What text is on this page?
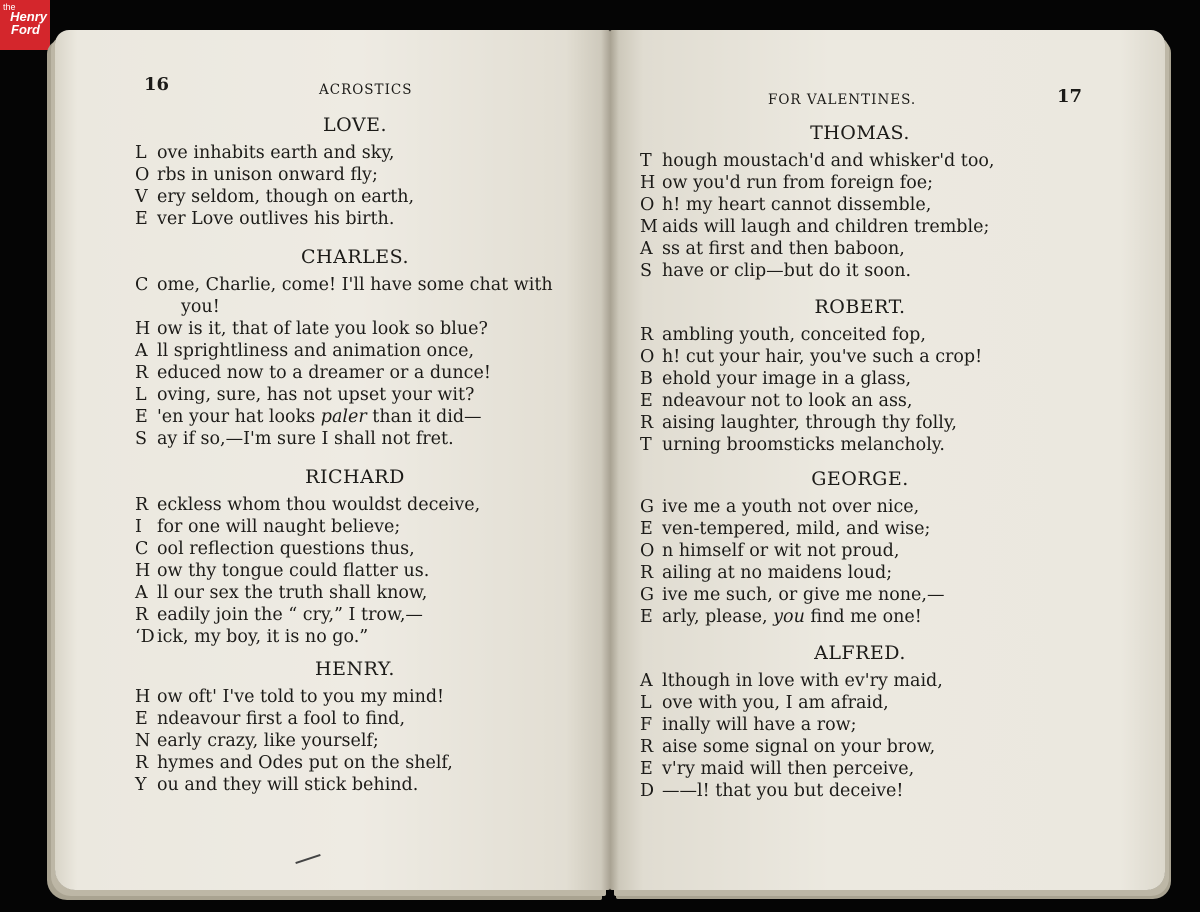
the
Henry
Ford
16	ACROSTICS
LOVE.
L ove inhabits earth and sky,
O rbs in unison onward fly;
V ery seldom, though on earth,
E ver Love outlives his birth.
CHARLES.
C ome, Charlie, come! I'll have some chat with
you!
H ow is it, that of late you look so blue?
A ll sprightliness and animation once,
R educed now to a dreamer or a dunce!
L oving, sure, has not upset your wit?
E 'en your hat looks paler than it did—
S ay if so,—I'm sure I shall not fret.
RICHARD
R eckless whom thou wouldst deceive,
I for one will naught believe;
C ool reflection questions thus,
H ow thy tongue could flatter us.
A ll our sex the truth shall know,
R eadily join the “ cry,” I trow,—
‘D ick, my boy, it is no go.”
HENRY.
H ow oft' I've told to you my mind!
E ndeavour first a fool to find,
N early crazy, like yourself;
R hymes and Odes put on the shelf,
Y ou and they will stick behind.
FOR VALENTINES.	17
THOMAS.
T hough moustach'd and whisker'd too,
H ow you'd run from foreign foe;
O h! my heart cannot dissemble,
M aids will laugh and children tremble;
A ss at first and then baboon,
S have or clip—but do it soon.
ROBERT.
R ambling youth, conceited fop,
O h! cut your hair, you've such a crop!
B ehold your image in a glass,
E ndeavour not to look an ass,
R aising laughter, through thy folly,
T urning broomsticks melancholy.
GEORGE.
G ive me a youth not over nice,
E ven-tempered, mild, and wise;
O n himself or wit not proud,
R ailing at no maidens loud;
G ive me such, or give me none,—
E arly, please, you find me one!
ALFRED.
A lthough in love with ev'ry maid,
L ove with you, I am afraid,
F inally will have a row;
R aise some signal on your brow,
E v'ry maid will then perceive,
D ——l! that you but deceive!
